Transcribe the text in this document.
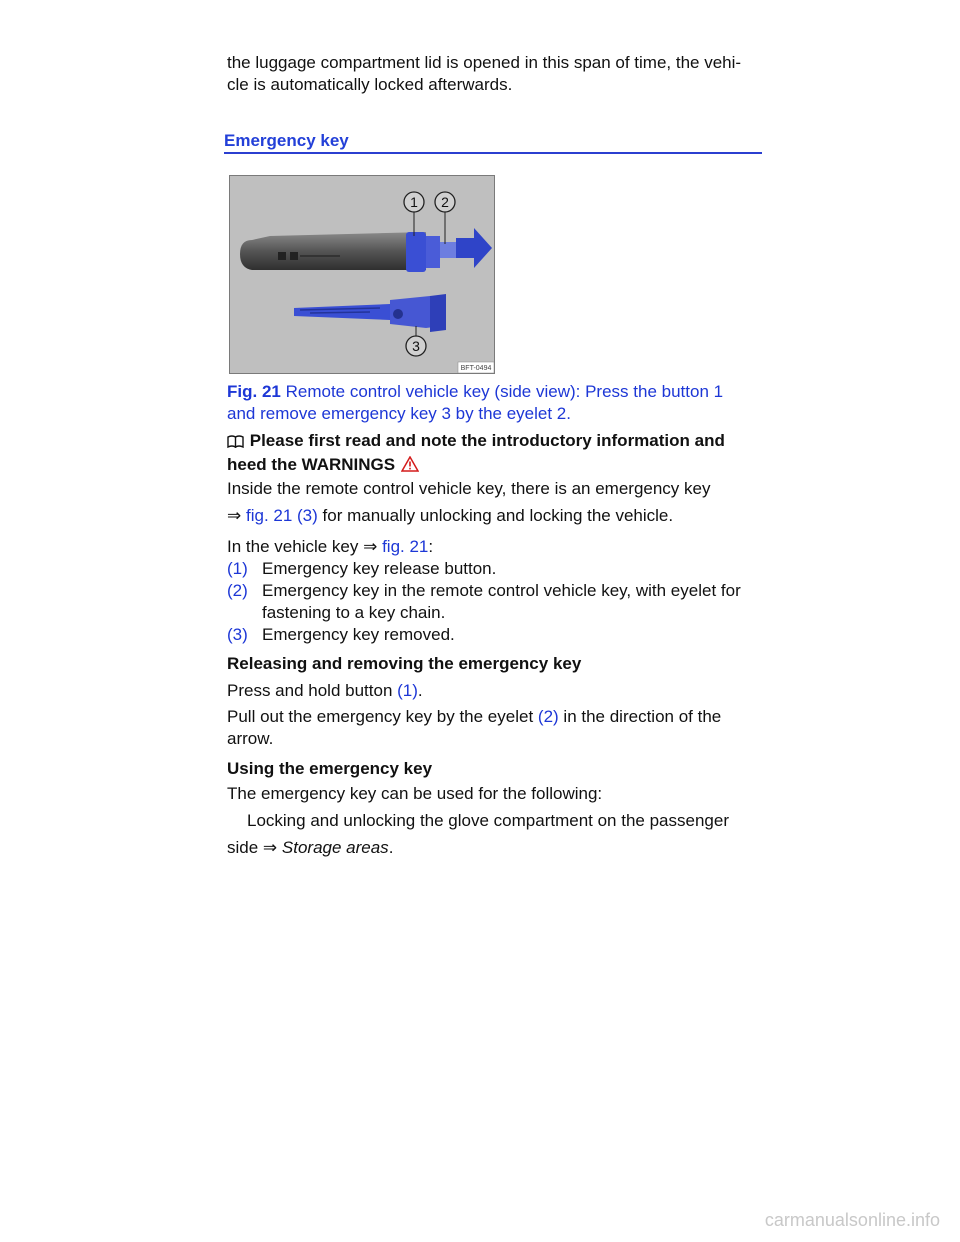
the luggage compartment lid is opened in this span of time, the vehi-
cle is automatically locked afterwards.

Emergency key
1 2
3
BFT-0494

Fig. 21 Remote control vehicle key (side view): Press the button 1
and remove emergency key 3 by the eyelet 2.

Please first read and note the introductory information and
heed the WARNINGS

Inside the remote control vehicle key, there is an emergency key

⇒ fig. 21 (3) for manually unlocking and locking the vehicle.

In the vehicle key ⇒ fig. 21:

(1) Emergency key release button.
(2) Emergency key in the remote control vehicle key, with eyelet for fastening to a key chain.
(3) Emergency key removed.

Releasing and removing the emergency key

Press and hold button (1).

Pull out the emergency key by the eyelet (2) in the direction of the arrow.

Using the emergency key

The emergency key can be used for the following:

Locking and unlocking the glove compartment on the passenger

side ⇒ Storage areas.

carmanualsonline.info
